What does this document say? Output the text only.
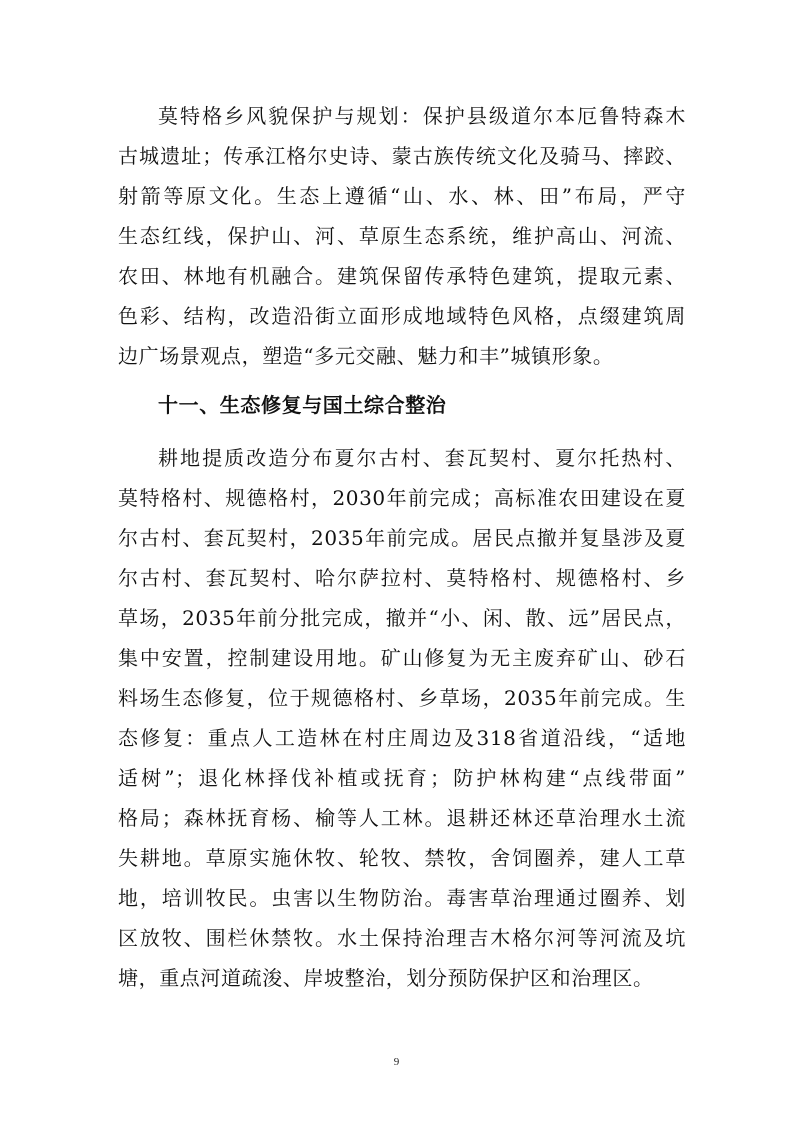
莫特格乡风貌保护与规划：保护县级道尔本厄鲁特森木
古城遗址；传承江格尔史诗、蒙古族传统文化及骑马、摔跤、
射箭等原文化。生态上遵循“山、水、林、田”布局，严守
生态红线，保护山、河、草原生态系统，维护高山、河流、
农田、林地有机融合。建筑保留传承特色建筑，提取元素、
色彩、结构，改造沿街立面形成地域特色风格，点缀建筑周
边广场景观点，塑造“多元交融、魅力和丰”城镇形象。

十一、生态修复与国土综合整治

耕地提质改造分布夏尔古村、套瓦契村、夏尔托热村、
莫特格村、规德格村，2030年前完成；高标准农田建设在夏
尔古村、套瓦契村，2035年前完成。居民点撤并复垦涉及夏
尔古村、套瓦契村、哈尔萨拉村、莫特格村、规德格村、乡
草场，2035年前分批完成，撤并“小、闲、散、远”居民点，
集中安置，控制建设用地。矿山修复为无主废弃矿山、砂石
料场生态修复，位于规德格村、乡草场，2035年前完成。生
态修复：重点人工造林在村庄周边及318省道沿线，“适地
适树”；退化林择伐补植或抚育；防护林构建“点线带面”
格局；森林抚育杨、榆等人工林。退耕还林还草治理水土流
失耕地。草原实施休牧、轮牧、禁牧，舍饲圈养，建人工草
地，培训牧民。虫害以生物防治。毒害草治理通过圈养、划
区放牧、围栏休禁牧。水土保持治理吉木格尔河等河流及坑
塘，重点河道疏浚、岸坡整治，划分预防保护区和治理区。

9
